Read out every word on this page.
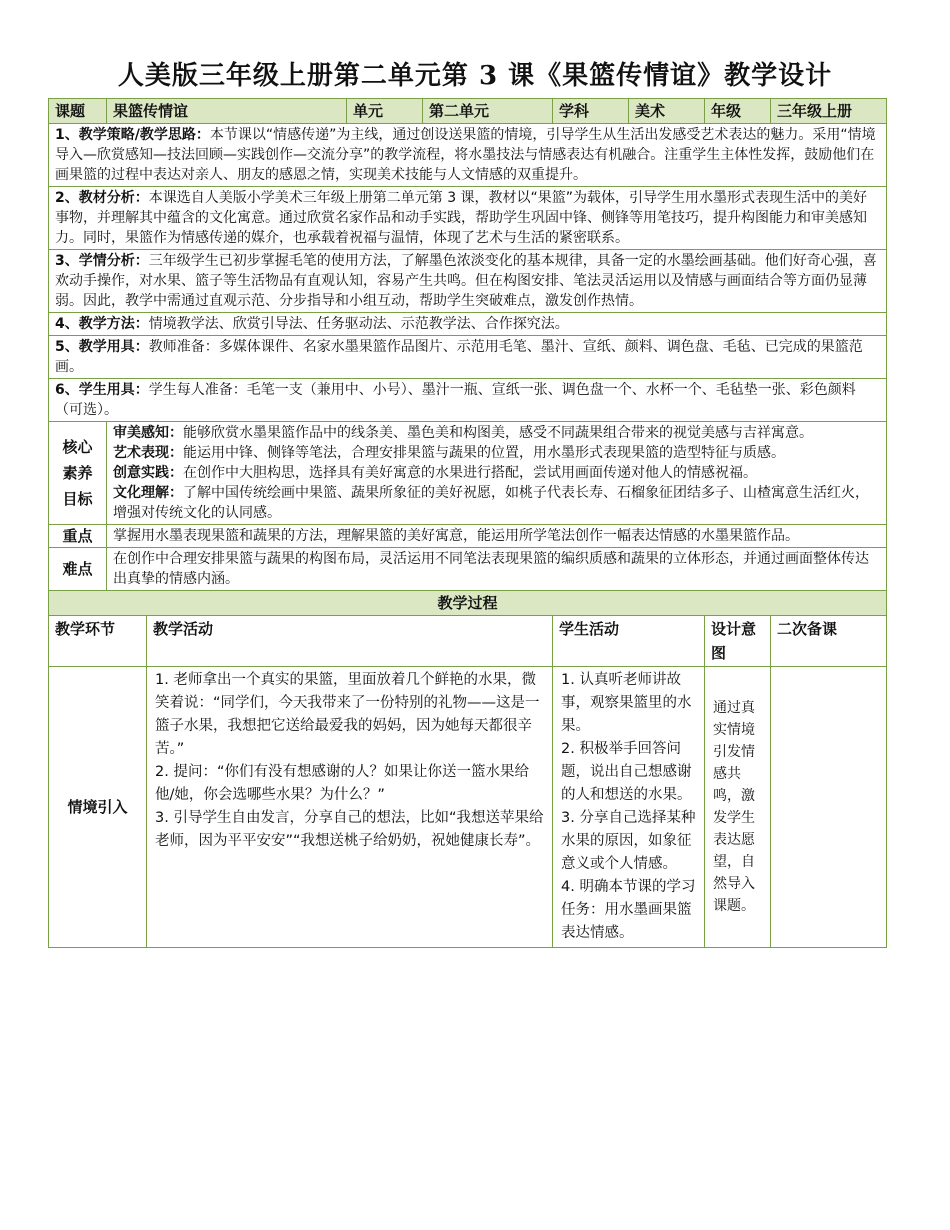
人美版三年级上册第二单元第 3 课《果篮传情谊》教学设计
课题	果篮传情谊		单元	第二单元	学科	美术	年级	三年级上册
1、教学策略/教学思路：本节课以“情感传递”为主线，通过创设送果篮的情境，引导学生从生活出发感受艺术表达的魅力。采用“情境导入—欣赏感知—技法回顾—实践创作—交流分享”的教学流程，将水墨技法与情感表达有机融合。注重学生主体性发挥，鼓励他们在画果篮的过程中表达对亲人、朋友的感恩之情，实现美术技能与人文情感的双重提升。								
2、教材分析：本课选自人美版小学美术三年级上册第二单元第 3 课，教材以“果篮”为载体，引导学生用水墨形式表现生活中的美好事物，并理解其中蕴含的文化寓意。通过欣赏名家作品和动手实践，帮助学生巩固中锋、侧锋等用笔技巧，提升构图能力和审美感知力。同时，果篮作为情感传递的媒介，也承载着祝福与温情，体现了艺术与生活的紧密联系。								
3、学情分析：三年级学生已初步掌握毛笔的使用方法，了解墨色浓淡变化的基本规律，具备一定的水墨绘画基础。他们好奇心强，喜欢动手操作，对水果、篮子等生活物品有直观认知，容易产生共鸣。但在构图安排、笔法灵活运用以及情感与画面结合等方面仍显薄弱。因此，教学中需通过直观示范、分步指导和小组互动，帮助学生突破难点，激发创作热情。								
4、教学方法：情境教学法、欣赏引导法、任务驱动法、示范教学法、合作探究法。								
5、教学用具：教师准备：多媒体课件、名家水墨果篮作品图片、示范用毛笔、墨汁、宣纸、颜料、调色盘、毛毡、已完成的果篮范画。								
6、学生用具：学生每人准备：毛笔一支（兼用中、小号）、墨汁一瓶、宣纸一张、调色盘一个、水杯一个、毛毡垫一张、彩色颜料（可选）。								
核心素养目标	审美感知：能够欣赏水墨果篮作品中的线条美、墨色美和构图美，感受不同蔬果组合带来的视觉美感与吉祥寓意。
艺术表现：能运用中锋、侧锋等笔法，合理安排果篮与蔬果的位置，用水墨形式表现果篮的造型特征与质感。
创意实践：在创作中大胆构思，选择具有美好寓意的水果进行搭配，尝试用画面传递对他人的情感祝福。
文化理解：了解中国传统绘画中果篮、蔬果所象征的美好祝愿，如桃子代表长寿、石榴象征团结多子、山楂寓意生活红火，增强对传统文化的认同感。							

重点	掌握用水墨表现果篮和蔬果的方法，理解果篮的美好寓意，能运用所学笔法创作一幅表达情感的水墨果篮作品。							
难点	在创作中合理安排果篮与蔬果的构图布局，灵活运用不同笔法表现果篮的编织质感和蔬果的立体形态，并通过画面整体传达出真挚的情感内涵。							
教学过程								
教学环节		教学活动			学生活动		设计意图	二次备课
情境引入		1. 老师拿出一个真实的果篮，里面放着几个鲜艳的水果，微笑着说：“同学们，今天我带来了一份特别的礼物——这是一篮子水果，我想把它送给最爱我的妈妈，因为她每天都很辛苦。”
2. 提问：“你们有没有想感谢的人？如果让你送一篮水果给他/她，你会选哪些水果？为什么？”
3. 引导学生自由发言，分享自己的想法，比如“我想送苹果给老师，因为平平安安”“我想送桃子给奶奶，祝她健康长寿”。			1. 认真听老师讲故事，观察果篮里的水果。
2. 积极举手回答问题，说出自己想感谢的人和想送的水果。
3. 分享自己选择某种水果的原因，如象征意义或个人情感。
4. 明确本节课的学习任务：用水墨画果篮表达情感。		通过真实情境引发情感共鸣，激发学生表达愿望，自然导入课题。	
